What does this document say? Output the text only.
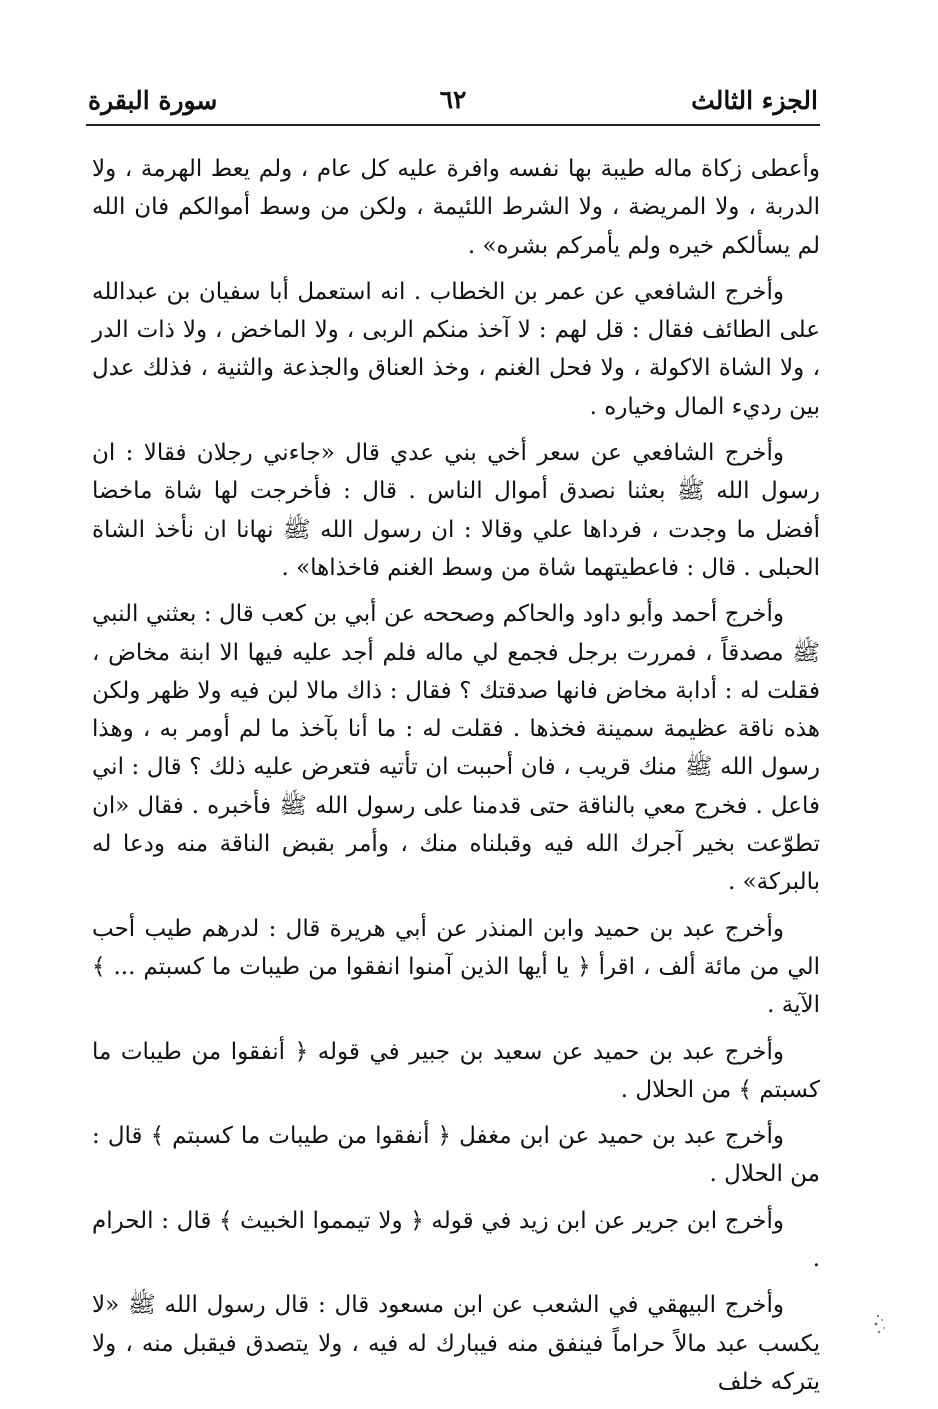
الجزء الثالث
٦٢
سورة البقرة

وأعطى زكاة ماله طيبة بها نفسه وافرة عليه كل عام ، ولم يعط الهرمة ، ولا الدربة ، ولا المريضة ، ولا الشرط اللئيمة ، ولكن من وسط أموالكم فان الله لم يسألكم خيره ولم يأمركم بشره» .

وأخرج الشافعي عن عمر بن الخطاب . انه استعمل أبا سفيان بن عبدالله على الطائف فقال : قل لهم : لا آخذ منكم الربى ، ولا الماخض ، ولا ذات الدر ، ولا الشاة الاكولة ، ولا فحل الغنم ، وخذ العناق والجذعة والثنية ، فذلك عدل بين رديء المال وخياره .

وأخرج الشافعي عن سعر أخي بني عدي قال «جاءني رجلان فقالا : ان رسول الله ﷺ بعثنا نصدق أموال الناس . قال : فأخرجت لها شاة ماخضا أفضل ما وجدت ، فرداها علي وقالا : ان رسول الله ﷺ نهانا ان نأخذ الشاة الحبلى . قال : فاعطيتهما شاة من وسط الغنم فاخذاها» .

وأخرج أحمد وأبو داود والحاكم وصححه عن أبي بن كعب قال : بعثني النبي ﷺ مصدقاً ، فمررت برجل فجمع لي ماله فلم أجد عليه فيها الا ابنة مخاض ، فقلت له : أدابة مخاض فانها صدقتك ؟ فقال : ذاك مالا لبن فيه ولا ظهر ولكن هذه ناقة عظيمة سمينة فخذها . فقلت له : ما أنا بآخذ ما لم أومر به ، وهذا رسول الله ﷺ منك قريب ، فان أحببت ان تأتيه فتعرض عليه ذلك ؟ قال : اني فاعل . فخرج معي بالناقة حتى قدمنا على رسول الله ﷺ فأخبره . فقال «ان تطوّعت بخير آجرك الله فيه وقبلناه منك ، وأمر بقبض الناقة منه ودعا له بالبركة» .

وأخرج عبد بن حميد وابن المنذر عن أبي هريرة قال : لدرهم طيب أحب الي من مائة ألف ، اقرأ ﴿ يا أيها الذين آمنوا انفقوا من طيبات ما كسبتم ... ﴾ الآية .

وأخرج عبد بن حميد عن سعيد بن جبير في قوله ﴿ أنفقوا من طيبات ما كسبتم ﴾ من الحلال .

وأخرج عبد بن حميد عن ابن مغفل ﴿ أنفقوا من طيبات ما كسبتم ﴾ قال : من الحلال .

وأخرج ابن جرير عن ابن زيد في قوله ﴿ ولا تيمموا الخبيث ﴾ قال : الحرام .

وأخرج البيهقي في الشعب عن ابن مسعود قال : قال رسول الله ﷺ «لا يكسب عبد مالاً حراماً فينفق منه فيبارك له فيه ، ولا يتصدق فيقبل منه ، ولا يتركه خلف
